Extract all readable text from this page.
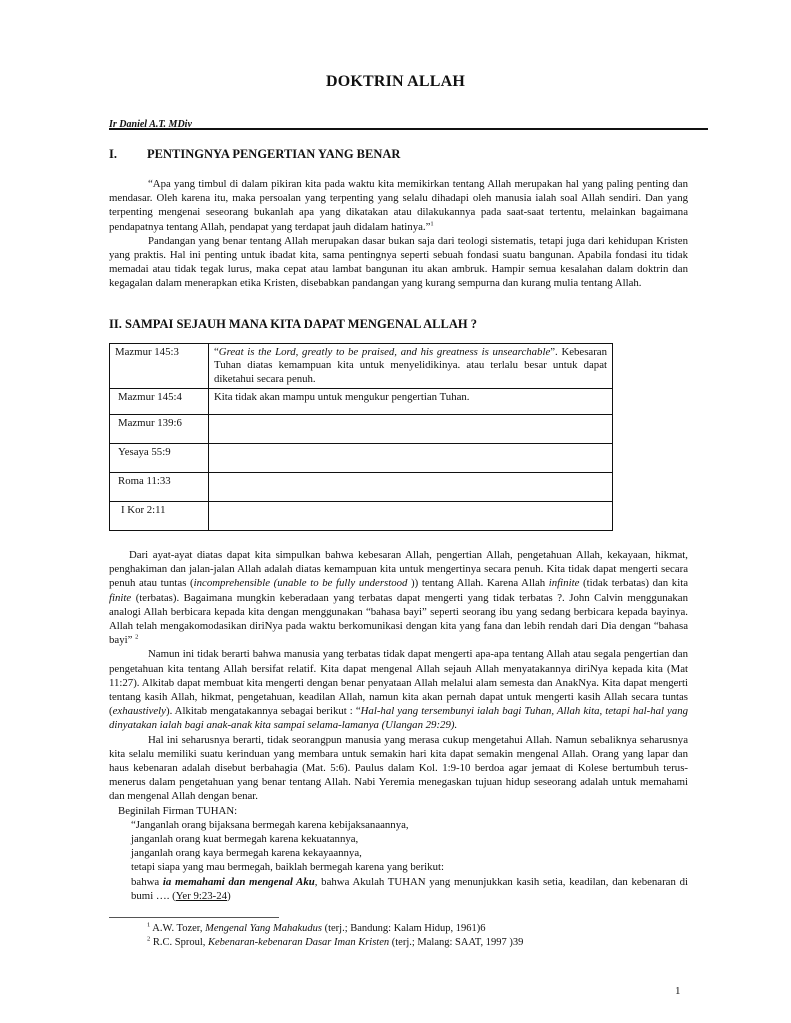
DOKTRIN ALLAH
Ir Daniel A.T. MDiv
I. PENTINGNYA PENGERTIAN YANG BENAR

“Apa yang timbul di dalam pikiran kita pada waktu kita memikirkan tentang Allah merupakan hal yang paling penting dan mendasar. Oleh karena itu, maka persoalan yang terpenting yang selalu dihadapi oleh manusia ialah soal Allah sendiri. Dan yang terpenting mengenai seseorang bukanlah apa yang dikatakan atau dilakukannya pada saat-saat tertentu, melainkan bagaimana pendapatnya tentang Allah, pendapat yang terdapat jauh didalam hatinya.”$^1$

Pandangan yang benar tentang Allah merupakan dasar bukan saja dari teologi sistematis, tetapi juga dari kehidupan Kristen yang praktis. Hal ini penting untuk ibadat kita, sama pentingnya seperti sebuah fondasi suatu bangunan. Apabila fondasi itu tidak memadai atau tidak tegak lurus, maka cepat atau lambat bangunan itu akan ambruk. Hampir semua kesalahan dalam doktrin dan kegagalan dalam menerapkan etika Kristen, disebabkan pandangan yang kurang sempurna dan kurang mulia tentang Allah.

II. SAMPAI SEJAUH MANA KITA DAPAT MENGENAL ALLAH ?
Mazmur 145:3	“Great is the Lord, greatly to be praised, and his greatness is unsearchable”. Kebesaran Tuhan diatas kemampuan kita untuk menyelidikinya. atau terlalu besar untuk dapat diketahui secara penuh.
Mazmur 145:4	Kita tidak akan mampu untuk mengukur pengertian Tuhan.
Mazmur 139:6	
Yesaya 55:9	
Roma 11:33	
I Kor 2:11	

Dari ayat-ayat diatas dapat kita simpulkan bahwa kebesaran Allah, pengertian Allah, pengetahuan Allah, kekayaan, hikmat, penghakiman dan jalan-jalan Allah adalah diatas kemampuan kita untuk mengertinya secara penuh. Kita tidak dapat mengerti secara penuh atau tuntas (incomprehensible (unable to be fully understood )) tentang Allah. Karena Allah infinite (tidak terbatas) dan kita finite (terbatas). Bagaimana mungkin keberadaan yang terbatas dapat mengerti yang tidak terbatas ?. John Calvin menggunakan analogi Allah berbicara kepada kita dengan menggunakan “bahasa bayi” seperti seorang ibu yang sedang berbicara kepada bayinya. Allah telah mengakomodasikan diriNya pada waktu berkomunikasi dengan kita yang fana dan lebih rendah dari Dia dengan “bahasa bayi” $^2$

Namun ini tidak berarti bahwa manusia yang terbatas tidak dapat mengerti apa-apa tentang Allah atau segala pengertian dan pengetahuan kita tentang Allah bersifat relatif. Kita dapat mengenal Allah sejauh Allah menyatakannya diriNya kepada kita (Mat 11:27). Alkitab dapat membuat kita mengerti dengan benar penyataan Allah melalui alam semesta dan AnakNya. Kita dapat mengerti tentang kasih Allah, hikmat, pengetahuan, keadilan Allah, namun kita akan pernah dapat untuk mengerti kasih Allah secara tuntas (exhaustively). Alkitab mengatakannya sebagai berikut : “Hal-hal yang tersembunyi ialah bagi Tuhan, Allah kita, tetapi hal-hal yang dinyatakan ialah bagi anak-anak kita sampai selama-lamanya (Ulangan 29:29).

Hal ini seharusnya berarti, tidak seorangpun manusia yang merasa cukup mengetahui Allah. Namun sebaliknya seharusnya kita selalu memiliki suatu kerinduan yang membara untuk semakin hari kita dapat semakin mengenal Allah. Orang yang lapar dan haus kebenaran adalah disebut berbahagia (Mat. 5:6). Paulus dalam Kol. 1:9-10 berdoa agar jemaat di Kolese bertumbuh terus-menerus dalam pengetahuan yang benar tentang Allah. Nabi Yeremia menegaskan tujuan hidup seseorang adalah untuk memahami dan mengenal Allah dengan benar.

Beginilah Firman TUHAN:

“Janganlah orang bijaksana bermegah karena kebijaksanaannya,

janganlah orang kuat bermegah karena kekuatannya,

janganlah orang kaya bermegah karena kekayaannya,

tetapi siapa yang mau bermegah, baiklah bermegah karena yang berikut:

bahwa ia memahami dan mengenal Aku, bahwa Akulah TUHAN yang menunjukkan kasih setia, keadilan, dan kebenaran di bumi …. (Yer 9:23-24)

$^1$ A.W. Tozer, Mengenal Yang Mahakudus (terj.; Bandung: Kalam Hidup, 1961)6
$^2$ R.C. Sproul, Kebenaran-kebenaran Dasar Iman Kristen (terj.; Malang: SAAT, 1997 )39
1
